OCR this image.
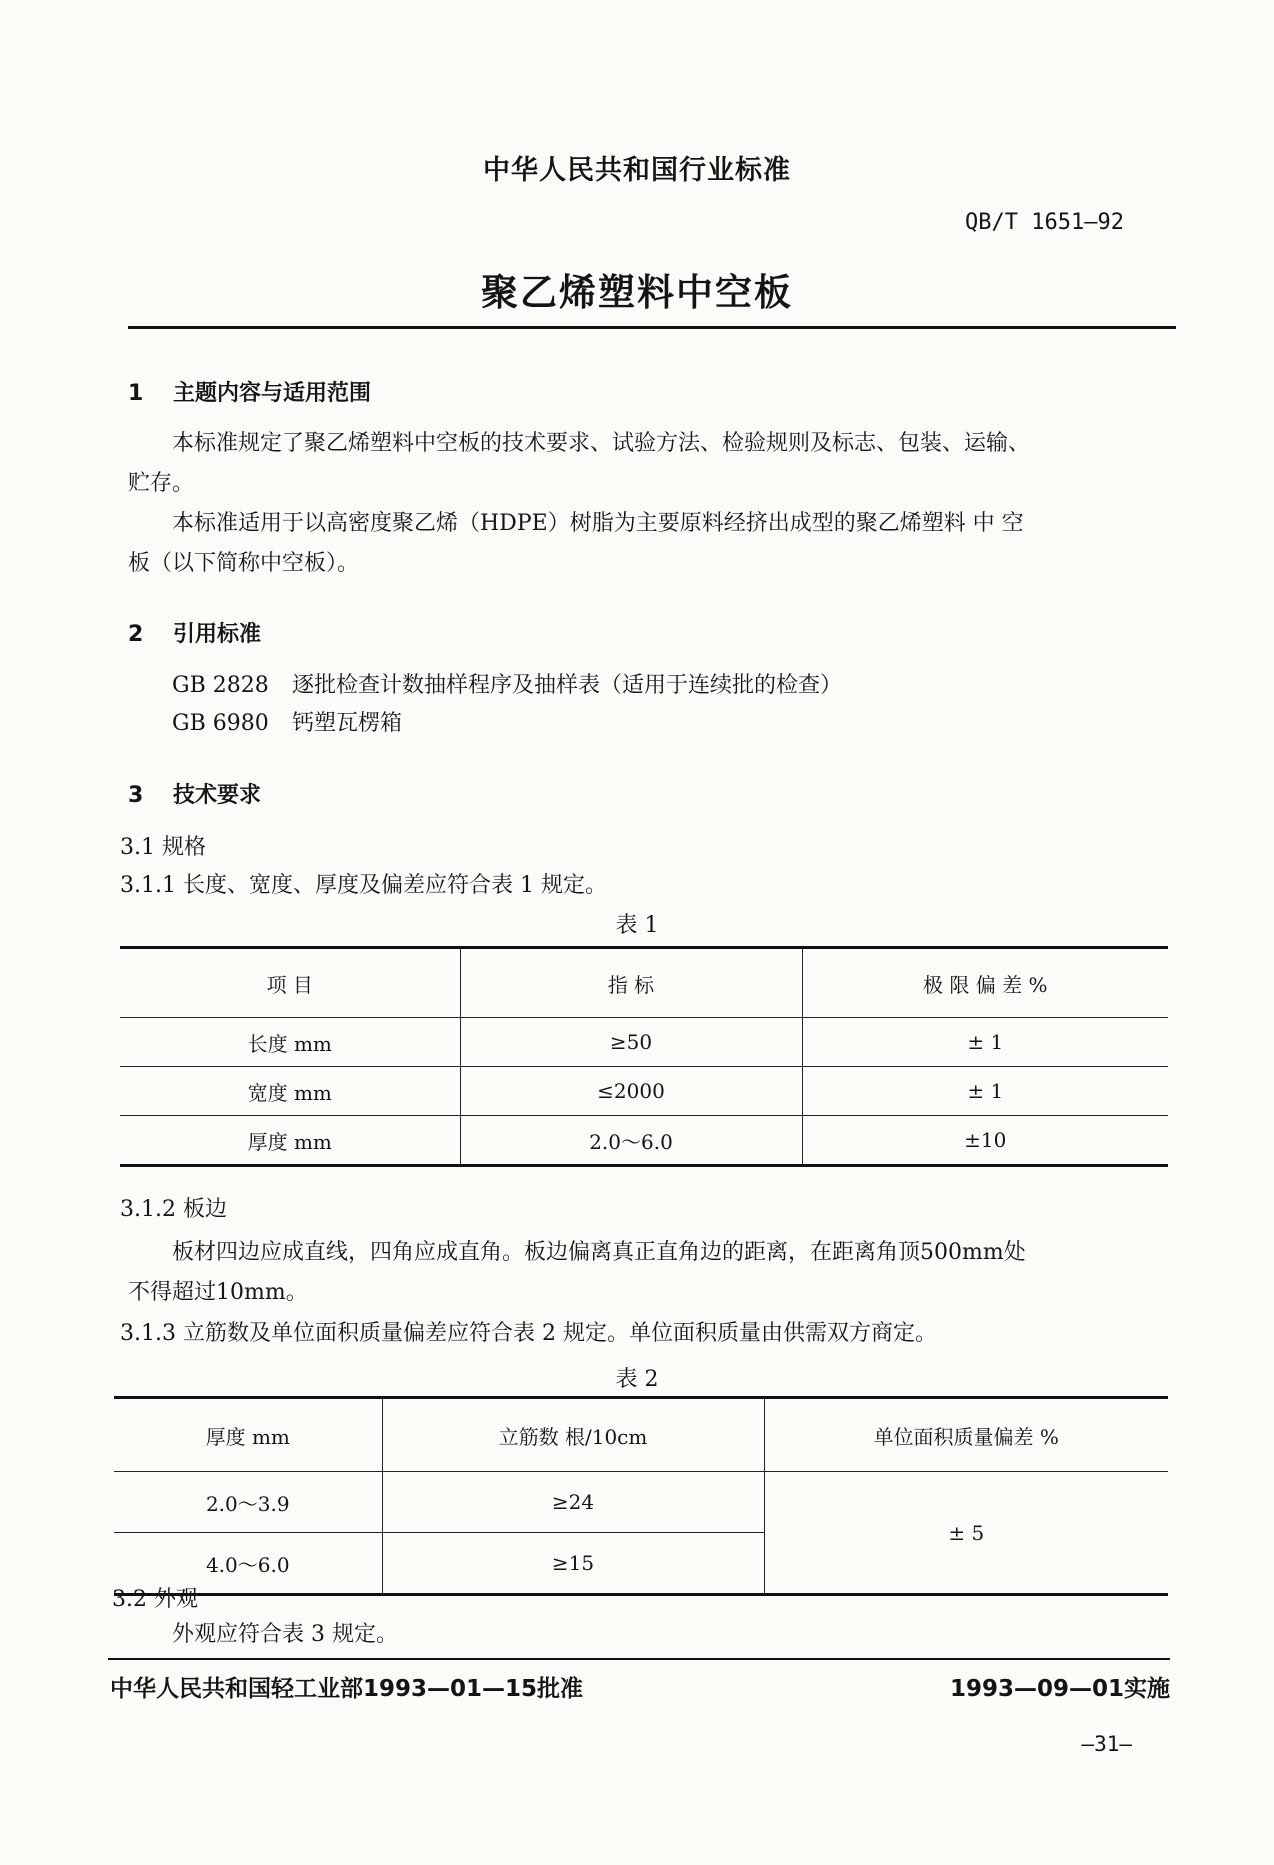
中华人民共和国行业标准
QB/T 1651—92
聚乙烯塑料中空板
1 主题内容与适用范围
本标准规定了聚乙烯塑料中空板的技术要求、试验方法、检验规则及标志、包装、运输、
贮存。
本标准适用于以高密度聚乙烯（HDPE）树脂为主要原料经挤出成型的聚乙烯塑料 中 空
板（以下简称中空板）。
2 引用标准
GB 2828 逐批检查计数抽样程序及抽样表（适用于连续批的检查）
GB 6980 钙塑瓦楞箱
3 技术要求
3.1 规格
3.1.1 长度、宽度、厚度及偏差应符合表 1 规定。
表 1
项 目	指 标	极 限 偏 差 %
长度 mm	≥50	± 1
宽度 mm	≤2000	± 1
厚度 mm	2.0～6.0	±10
3.1.2 板边
板材四边应成直线，四角应成直角。板边偏离真正直角边的距离，在距离角顶500mm处
不得超过10mm。
3.1.3 立筋数及单位面积质量偏差应符合表 2 规定。单位面积质量由供需双方商定。
表 2
厚度 mm	立筋数 根/10cm	单位面积质量偏差 %
2.0～3.9	≥24	± 5
4.0～6.0	≥15	
3.2 外观
外观应符合表 3 规定。
中华人民共和国轻工业部1993—01—15批准	1993—09—01实施
—31—
